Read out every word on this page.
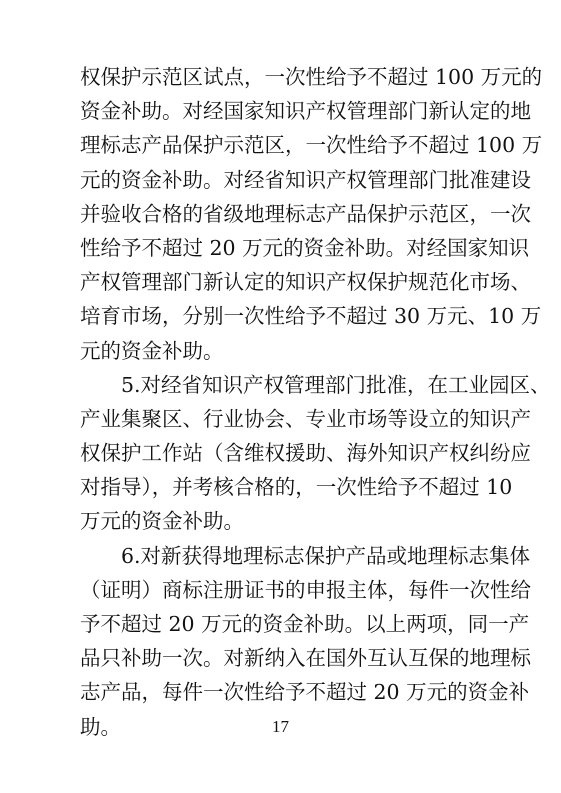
权保护示范区试点，一次性给予不超过 100 万元的
资金补助。对经国家知识产权管理部门新认定的地
理标志产品保护示范区，一次性给予不超过 100 万
元的资金补助。对经省知识产权管理部门批准建设
并验收合格的省级地理标志产品保护示范区，一次
性给予不超过 20 万元的资金补助。对经国家知识
产权管理部门新认定的知识产权保护规范化市场、
培育市场，分别一次性给予不超过 30 万元、10 万
元的资金补助。
5.对经省知识产权管理部门批准，在工业园区、
产业集聚区、行业协会、专业市场等设立的知识产
权保护工作站（含维权援助、海外知识产权纠纷应
对指导），并考核合格的，一次性给予不超过 10
万元的资金补助。
6.对新获得地理标志保护产品或地理标志集体
（证明）商标注册证书的申报主体，每件一次性给
予不超过 20 万元的资金补助。以上两项，同一产
品只补助一次。对新纳入在国外互认互保的地理标
志产品，每件一次性给予不超过 20 万元的资金补
助。	17
